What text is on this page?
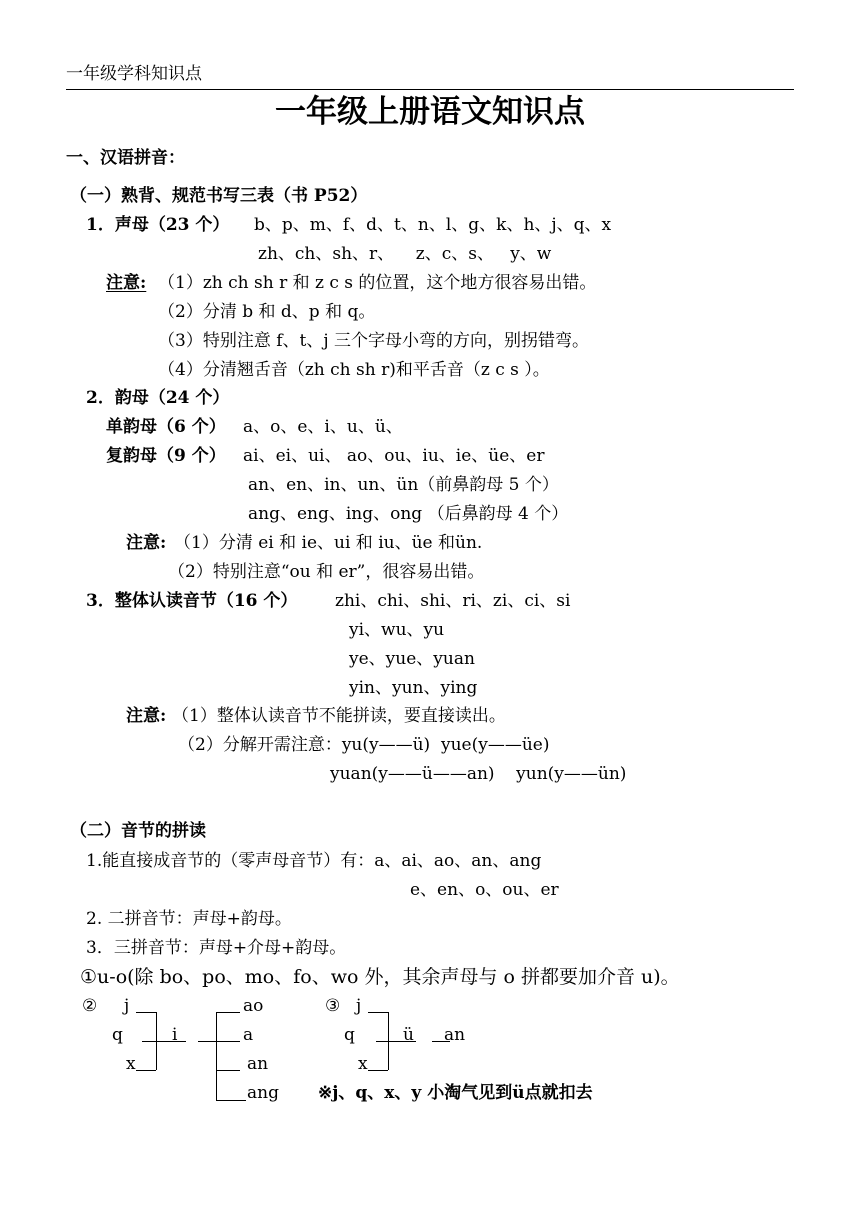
一年级学科知识点
一年级上册语文知识点
一、汉语拼音：
（一）熟背、规范书写三表（书 P52）
1．声母（23 个） b、p、m、f、d、t、n、l、g、k、h、j、q、x
zh、ch、sh、r、    z、c、s、   y、w
注意: （1）zh ch sh r 和 z c s 的位置，这个地方很容易出错。
（2）分清 b 和 d、p 和 q。
（3）特别注意 f、t、j 三个字母小弯的方向，别拐错弯。
（4）分清翘舌音（zh ch sh r)和平舌音（z c s ）。
2．韵母（24 个）
单韵母（6 个） a、o、e、i、u、ü、
复韵母（9 个） ai、ei、ui、 ao、ou、iu、ie、üe、er
an、en、in、un、ün（前鼻韵母 5 个）
ang、eng、ing、ong （后鼻韵母 4 个）
注意: （1）分清 ei 和 ie、ui 和 iu、üe 和ün.
（2）特别注意“ou 和 er”，很容易出错。
3．整体认读音节（16 个） zhi、chi、shi、ri、zi、ci、si
yi、wu、yu
ye、yue、yuan
yin、yun、ying
注意: （1）整体认读音节不能拼读，要直接读出。
（2）分解开需注意：yu(y——ü)  yue(y——üe)
yuan(y——ü——an)    yun(y——ün)
（二）音节的拼读
1.能直接成音节的（零声母音节）有：a、ai、ao、an、ang
e、en、o、ou、er
2. 二拼音节：声母+韵母。
3．三拼音节：声母+介母+韵母。
①u-o(除 bo、po、mo、fo、wo 外，其余声母与 o 拼都要加介音 u)。
② j
q
x
i
ao
a
an
ang
③ j
q
x
ü an
※j、q、x、y 小淘气见到ü点就扣去
